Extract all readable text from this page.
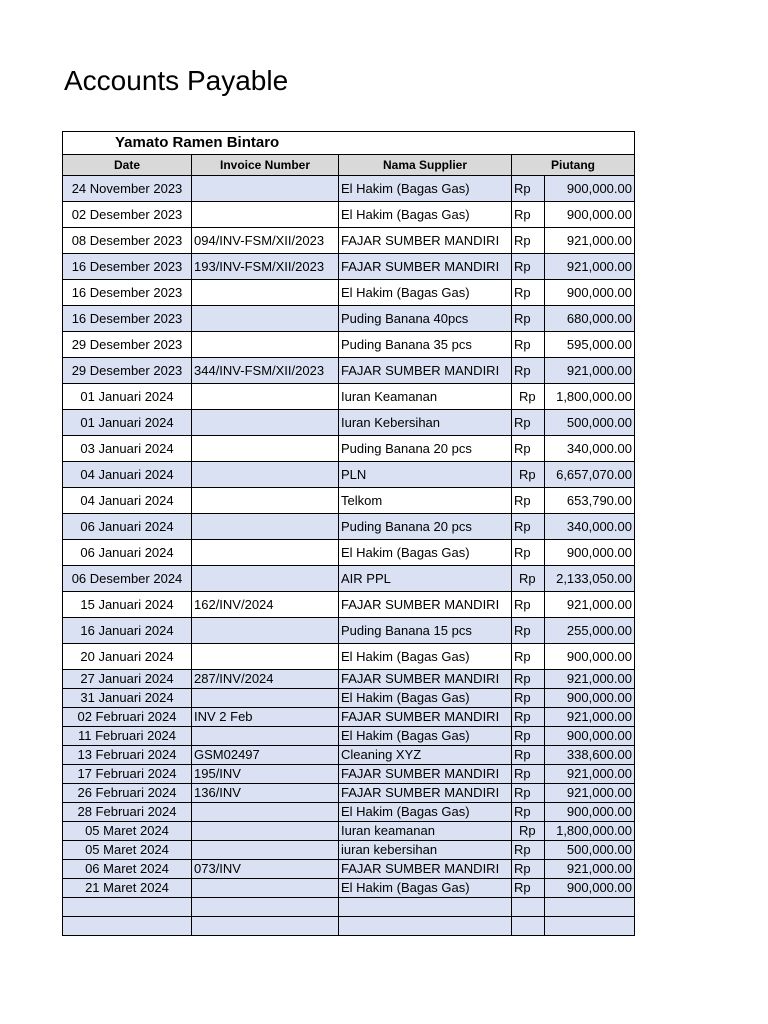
Accounts Payable
Yamato Ramen Bintaro				
Date	Invoice Number	Nama Supplier	Piutang	
24 November 2023		El Hakim (Bagas Gas)	Rp	900,000.00
02 Desember 2023		El Hakim (Bagas Gas)	Rp	900,000.00
08 Desember 2023	094/INV-FSM/XII/2023	FAJAR SUMBER MANDIRI	Rp	921,000.00
16 Desember 2023	193/INV-FSM/XII/2023	FAJAR SUMBER MANDIRI	Rp	921,000.00
16 Desember 2023		El Hakim (Bagas Gas)	Rp	900,000.00
16 Desember 2023		Puding Banana 40pcs	Rp	680,000.00
29 Desember 2023		Puding Banana 35 pcs	Rp	595,000.00
29 Desember 2023	344/INV-FSM/XII/2023	FAJAR SUMBER MANDIRI	Rp	921,000.00
01 Januari 2024		Iuran Keamanan	Rp	1,800,000.00
01 Januari 2024		Iuran Kebersihan	Rp	500,000.00
03 Januari 2024		Puding Banana 20 pcs	Rp	340,000.00
04 Januari 2024		PLN	Rp	6,657,070.00
04 Januari 2024		Telkom	Rp	653,790.00
06 Januari 2024		Puding Banana 20 pcs	Rp	340,000.00
06 Januari 2024		El Hakim (Bagas Gas)	Rp	900,000.00
06 Desember 2024		AIR PPL	Rp	2,133,050.00
15 Januari 2024	162/INV/2024	FAJAR SUMBER MANDIRI	Rp	921,000.00
16 Januari 2024		Puding Banana 15 pcs	Rp	255,000.00
20 Januari 2024		El Hakim (Bagas Gas)	Rp	900,000.00
27 Januari 2024	287/INV/2024	FAJAR SUMBER MANDIRI	Rp	921,000.00
31 Januari 2024		El Hakim (Bagas Gas)	Rp	900,000.00
02 Februari 2024	INV 2 Feb	FAJAR SUMBER MANDIRI	Rp	921,000.00
11 Februari 2024		El Hakim (Bagas Gas)	Rp	900,000.00
13 Februari 2024	GSM02497	Cleaning XYZ	Rp	338,600.00
17 Februari 2024	195/INV	FAJAR SUMBER MANDIRI	Rp	921,000.00
26 Februari 2024	136/INV	FAJAR SUMBER MANDIRI	Rp	921,000.00
28 Februari 2024		El Hakim (Bagas Gas)	Rp	900,000.00
05 Maret 2024		Iuran keamanan	Rp	1,800,000.00
05 Maret 2024		iuran kebersihan	Rp	500,000.00
06 Maret 2024	073/INV	FAJAR SUMBER MANDIRI	Rp	921,000.00
21 Maret 2024		El Hakim (Bagas Gas)	Rp	900,000.00
